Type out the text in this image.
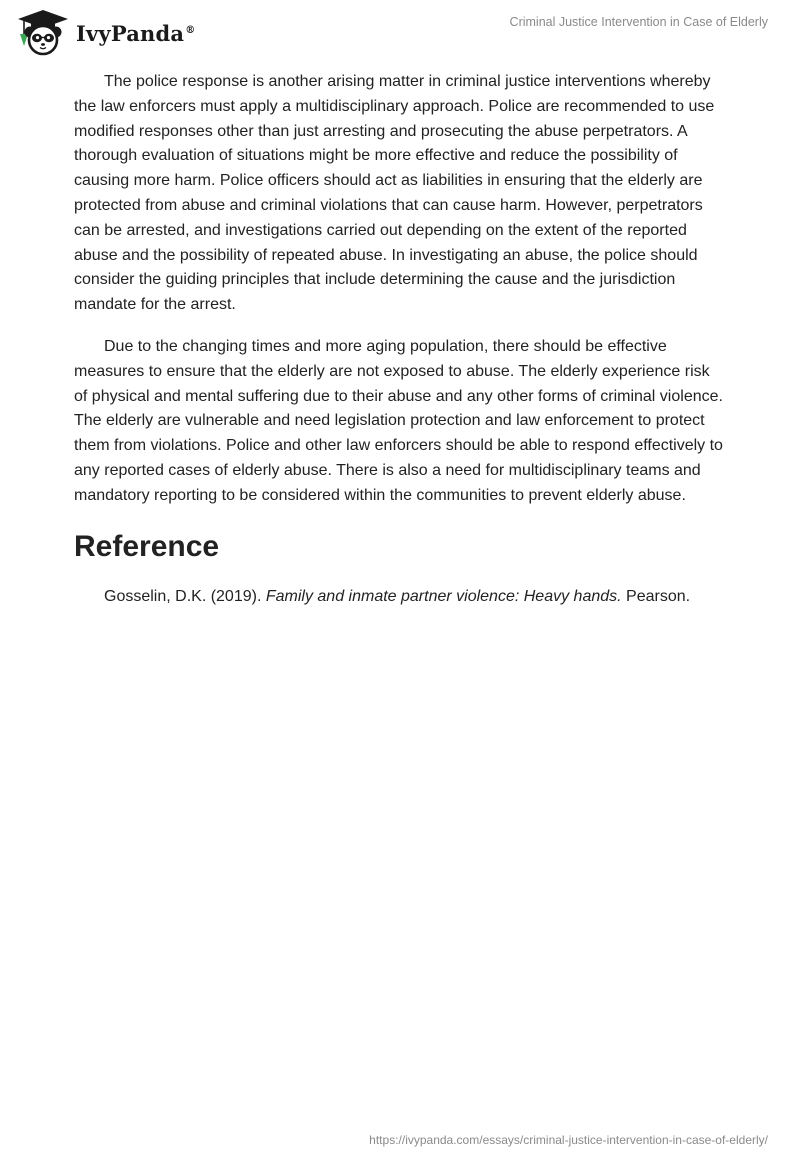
IvyPanda®
Criminal Justice Intervention in Case of Elderly

The police response is another arising matter in criminal justice interventions whereby the law enforcers must apply a multidisciplinary approach. Police are recommended to use modified responses other than just arresting and prosecuting the abuse perpetrators. A thorough evaluation of situations might be more effective and reduce the possibility of causing more harm. Police officers should act as liabilities in ensuring that the elderly are protected from abuse and criminal violations that can cause harm. However, perpetrators can be arrested, and investigations carried out depending on the extent of the reported abuse and the possibility of repeated abuse. In investigating an abuse, the police should consider the guiding principles that include determining the cause and the jurisdiction mandate for the arrest.

Due to the changing times and more aging population, there should be effective measures to ensure that the elderly are not exposed to abuse. The elderly experience risk of physical and mental suffering due to their abuse and any other forms of criminal violence. The elderly are vulnerable and need legislation protection and law enforcement to protect them from violations. Police and other law enforcers should be able to respond effectively to any reported cases of elderly abuse. There is also a need for multidisciplinary teams and mandatory reporting to be considered within the communities to prevent elderly abuse.

Reference

Gosselin, D.K. (2019). Family and inmate partner violence: Heavy hands. Pearson.

https://ivypanda.com/essays/criminal-justice-intervention-in-case-of-elderly/
